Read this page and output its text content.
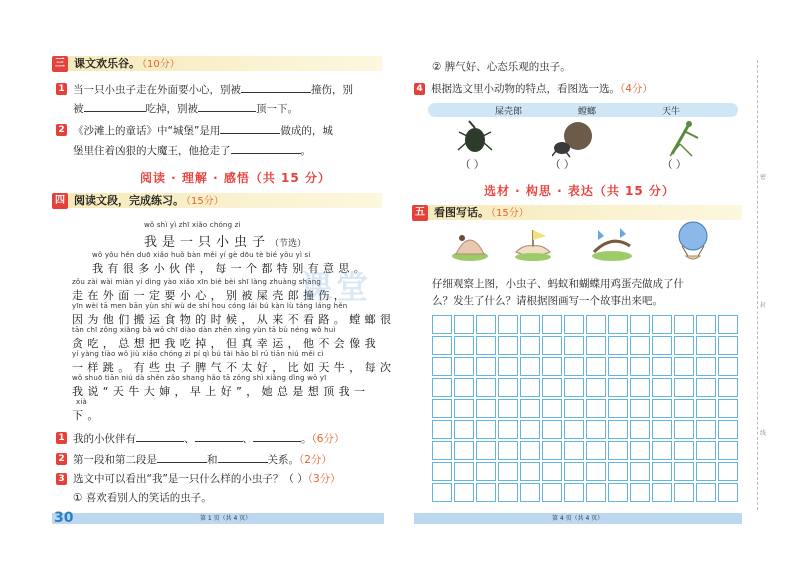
三 课文欢乐谷。 （10分）
1 当一只小虫子走在外面要小心，别被	撞伤，别
被	吃掉，别被	顶一下。
2 《沙滩上的童话》中“城堡”是用	做成的，城
堡里住着凶狠的大魔王，他抢走了	。
阅读 · 理解 · 感悟（共 15 分）
四 阅读文段，完成练习。 （15分）
wǒ shì yì zhī xiǎo chóng zi
我是一只小虫子（节选）
wǒ yǒu hěn duō xiǎo huǒ bàn měi yí gè dōu tè bié yǒu yì si
我有很多小伙伴，每一个都特别有意思。
zǒu zài wài miàn yí dìng yào xiǎo xīn bié bèi shī làng zhuàng shāng
走在外面一定要小心，别被屎壳郎撞伤，
yīn wèi tā men bān yùn shí wù de shí hou cóng lái bú kàn lù táng láng hěn
因为他们搬运食物的时候，从来不看路。螳螂很
tān chī zǒng xiǎng bǎ wǒ chī diào dàn zhēn xìng yùn tā bù néng wǒ huì
贪吃，总想把我吃掉，但真幸运，他不会像我
yí yàng tiào wǒ jiù xiǎo chóng zi pí qì bú tài hǎo bǐ rú tiān niú měi cì
一样跳。有些虫子脾气不太好，比如天牛，每次
wǒ shuō tiān niú dà shěn zǎo shang hǎo tā zǒng shì xiǎng dǐng wǒ yī
我说“天牛大婶，早上好”，她总是想顶我一
xià
下。
1 我的小伙伴有	、	、	。（6分）
2 第一段和第二段是	和	关系。（2分）
3 选文中可以看出“我”是一只什么样的小虫子？（ ）（3分）
① 喜欢看别人的笑话的虫子。
30	第 1 页（共 4 页）
课堂
② 脾气好、心态乐观的虫子。
4 根据选文里小动物的特点，看图选一选。（4分）
屎壳郎	螳螂	天牛
（ ）	（ ）	（ ）
选材 · 构思 · 表达（共 15 分）
五 看图写话。 （15分）
仔细观察上图，小虫子、蚂蚁和蝴蝶用鸡蛋壳做成了什
么？发生了什么？请根据图画写一个故事出来吧。
密
封
线
第 4 页（共 4 页）
